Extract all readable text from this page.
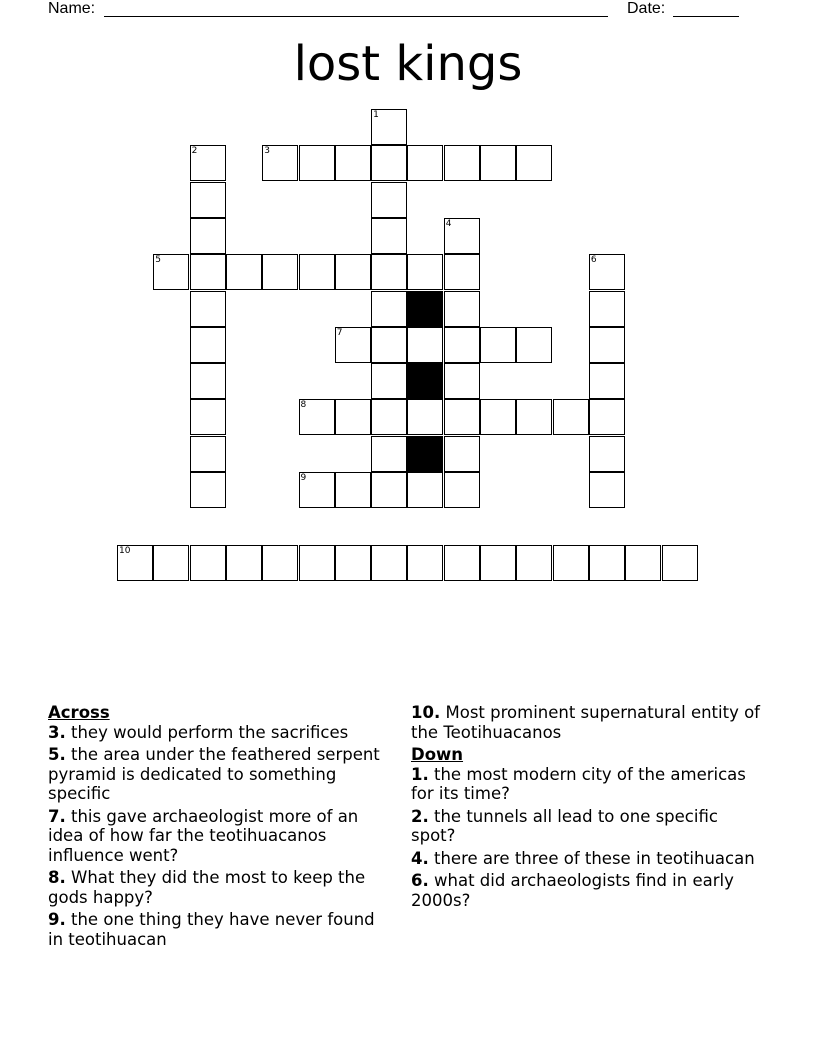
Name:	Date:
lost kings
1
2	3
4
5	6
7
8
9
10

Across

3. they would perform the sacrifices

5. the area under the feathered serpent pyramid is dedicated to something specific

7. this gave archaeologist more of an idea of how far the teotihuacanos influence went?

8. What they did the most to keep the gods happy?

9. the one thing they have never found in teotihuacan

10. Most prominent supernatural entity of the Teotihuacanos

Down

1. the most modern city of the americas for its time?

2. the tunnels all lead to one specific spot?

4. there are three of these in teotihuacan

6. what did archaeologists find in early 2000s?
